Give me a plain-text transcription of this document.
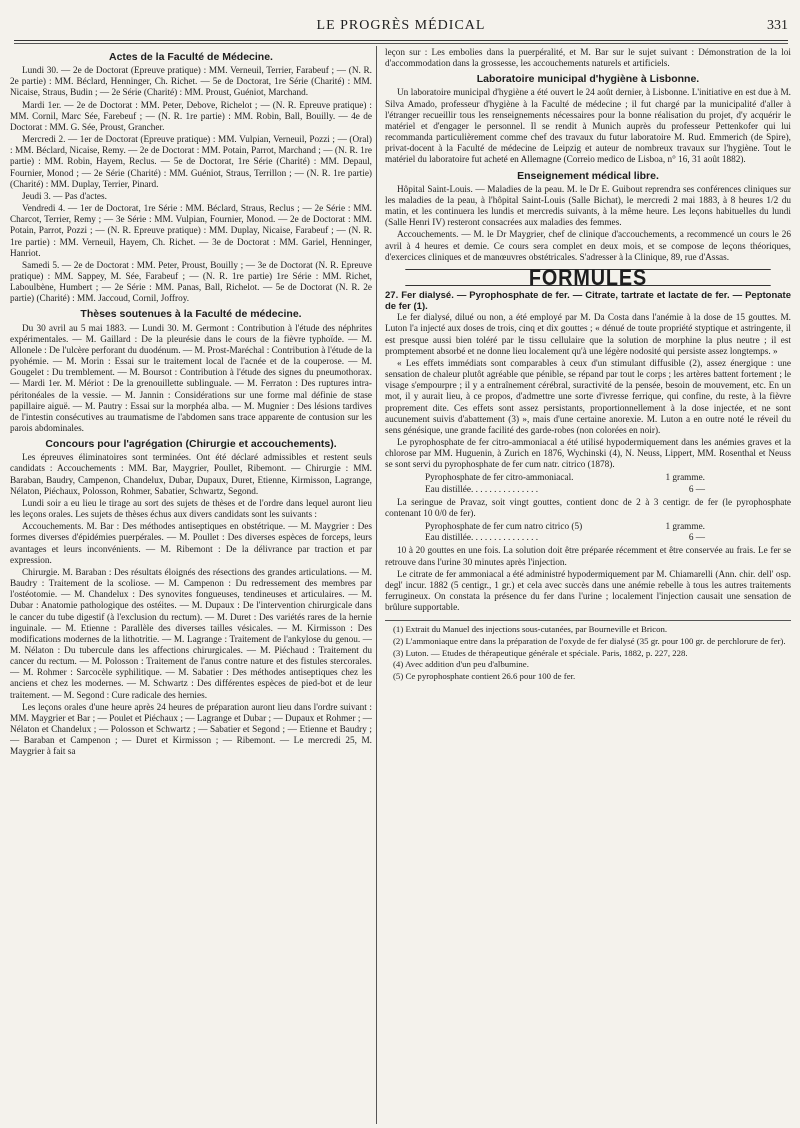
LE PROGRÈS MÉDICAL	331
Actes de la Faculté de Médecine.

Lundi 30. — 2e de Doctorat (Epreuve pratique) : MM. Verneuil, Terrier, Farabeuf ; — (N. R. 2e partie) : MM. Béclard, Henninger, Ch. Richet. — 5e de Doctorat, 1re Série (Charité) : MM. Nicaise, Straus, Budin ; — 2e Série (Charité) : MM. Proust, Guéniot, Marchand.

Mardi 1er. — 2e de Doctorat : MM. Peter, Debove, Richelot ; — (N. R. Epreuve pratique) : MM. Cornil, Marc Sée, Farebeuf ; — (N. R. 1re partie) : MM. Robin, Ball, Bouilly. — 4e de Doctorat : MM. G. Sée, Proust, Grancher.

Mercredi 2. — 1er de Doctorat (Epreuve pratique) : MM. Vulpian, Verneuil, Pozzi ; — (Oral) : MM. Béclard, Nicaise, Remy. — 2e de Doctorat : MM. Potain, Parrot, Marchand ; — (N. R. 1re partie) : MM. Robin, Hayem, Reclus. — 5e de Doctorat, 1re Série (Charité) : MM. Depaul, Fournier, Monod ; — 2e Série (Charité) : MM. Guéniot, Straus, Terrillon ; — (N. R. 1re partie) (Charité) : MM. Duplay, Terrier, Pinard.

Jeudi 3. — Pas d'actes.

Vendredi 4. — 1er de Doctorat, 1re Série : MM. Béclard, Straus, Reclus ; — 2e Série : MM. Charcot, Terrier, Remy ; — 3e Série : MM. Vulpian, Fournier, Monod. — 2e de Doctorat : MM. Potain, Parrot, Pozzi ; — (N. R. Epreuve pratique) : MM. Duplay, Nicaise, Farabeuf ; — (N. R. 1re partie) : MM. Verneuil, Hayem, Ch. Richet. — 3e de Doctorat : MM. Gariel, Henninger, Hanriot.

Samedi 5. — 2e de Doctorat : MM. Peter, Proust, Bouilly ; — 3e de Doctorat (N. R. Epreuve pratique) : MM. Sappey, M. Sée, Farabeuf ; — (N. R. 1re partie) 1re Série : MM. Richet, Laboulbène, Humbert ; — 2e Série : MM. Panas, Ball, Richelot. — 5e de Doctorat (N. R. 2e partie) (Charité) : MM. Jaccoud, Cornil, Joffroy.

Thèses soutenues à la Faculté de médecine.

Du 30 avril au 5 mai 1883. — Lundi 30. M. Germont : Contribution à l'étude des néphrites expérimentales. — M. Gaillard : De la pleurésie dans le cours de la fièvre typhoïde. — M. Allonele : De l'ulcère perforant du duodénum. — M. Prost-Maréchal : Contribution à l'étude de la pyohémie. — M. Morin : Essai sur le traitement local de l'acnée et de la couperose. — M. Gougelet : Du tremblement. — M. Boursot : Contribution à l'étude des signes du pneumothorax. — Mardi 1er. M. Mériot : De la grenouillette sublinguale. — M. Ferraton : Des ruptures intra-péritonéales de la vessie. — M. Jannin : Considérations sur une forme mal définie de stase papillaire aiguë. — M. Pautry : Essai sur la morphéa alba. — M. Mugnier : Des lésions tardives de l'intestin consécutives au traumatisme de l'abdomen sans trace apparente de contusion sur les parois abdominales.

Concours pour l'agrégation (Chirurgie et accouchements).

Les épreuves éliminatoires sont terminées. Ont été déclaré admissibles et restent seuls candidats : Accouchements : MM. Bar, Maygrier, Poullet, Ribemont. — Chirurgie : MM. Baraban, Baudry, Campenon, Chandelux, Dubar, Dupaux, Duret, Etienne, Kirmisson, Lagrange, Nélaton, Piéchaux, Polosson, Rohmer, Sabatier, Schwartz, Segond.

Lundi soir a eu lieu le tirage au sort des sujets de thèses et de l'ordre dans lequel auront lieu les leçons orales. Les sujets de thèses échus aux divers candidats sont les suivants :

Accouchements. M. Bar : Des méthodes antiseptiques en obstétrique. — M. Maygrier : Des formes diverses d'épidémies puerpérales. — M. Poullet : Des diverses espèces de forceps, leurs avantages et leurs inconvénients. — M. Ribemont : De la délivrance par traction et par expression.

Chirurgie. M. Baraban : Des résultats éloignés des résections des grandes articulations. — M. Baudry : Traitement de la scoliose. — M. Campenon : Du redressement des membres par l'ostéotomie. — M. Chandelux : Des synovites fongueuses, tendineuses et articulaires. — M. Dubar : Anatomie pathologique des ostéites. — M. Dupaux : De l'intervention chirurgicale dans le cancer du tube digestif (à l'exclusion du rectum). — M. Duret : Des variétés rares de la hernie inguinale. — M. Etienne : Parallèle des diverses tailles vésicales. — M. Kirmisson : Des modifications modernes de la lithotritie. — M. Lagrange : Traitement de l'ankylose du genou. — M. Nélaton : Du tubercule dans les affections chirurgicales. — M. Piéchaud : Traitement du cancer du rectum. — M. Polosson : Traitement de l'anus contre nature et des fistules stercorales. — M. Rohmer : Sarcocèle syphilitique. — M. Sabatier : Des méthodes antiseptiques chez les anciens et chez les modernes. — M. Schwartz : Des différentes espèces de pied-bot et de leur traitement. — M. Segond : Cure radicale des hernies.

Les leçons orales d'une heure après 24 heures de préparation auront lieu dans l'ordre suivant : MM. Maygrier et Bar ; — Poulet et Piéchaux ; — Lagrange et Dubar ; — Dupaux et Rohmer ; — Nélaton et Chandelux ; — Polosson et Schwartz ; — Sabatier et Segond ; — Etienne et Baudry ; — Baraban et Campenon ; — Duret et Kirmisson ; — Ribemont. — Le mercredi 25, M. Maygrier à fait sa

leçon sur : Les embolies dans la puerpéralité, et M. Bar sur le sujet suivant : Démonstration de la loi d'accommodation dans la grossesse, les accouchements naturels et artificiels.

Laboratoire municipal d'hygiène à Lisbonne.

Un laboratoire municipal d'hygiène a été ouvert le 24 août dernier, à Lisbonne. L'initiative en est due à M. Silva Amado, professeur d'hygiène à la Faculté de médecine ; il fut chargé par la municipalité d'aller à l'étranger recueillir tous les renseignements nécessaires pour la bonne réalisation du projet, d'y acquérir le matériel et d'engager le personnel. Il se rendit à Munich auprès du professeur Pettenkofer qui lui recommanda particulièrement comme chef des travaux du futur laboratoire M. Rud. Emmerich (de Spire), privat-docent à la Faculté de médecine de Leipzig et auteur de nombreux travaux sur l'hygiène. Tout le matériel du laboratoire fut acheté en Allemagne (Correio medico de Lisboa, n° 16, 31 août 1882).

Enseignement médical libre.

Hôpital Saint-Louis. — Maladies de la peau. M. le Dr E. Guibout reprendra ses conférences cliniques sur les maladies de la peau, à l'hôpital Saint-Louis (Salle Bichat), le mercredi 2 mai 1883, à 8 heures 1/2 du matin, et les continuera les lundis et mercredis suivants, à la même heure. Les leçons habituelles du lundi (Salle Henri IV) resteront consacrées aux maladies des femmes.

Accouchements. — M. le Dr Maygrier, chef de clinique d'accouchements, a recommencé un cours le 26 avril à 4 heures et demie. Ce cours sera complet en deux mois, et se compose de leçons théoriques, d'exercices cliniques et de manœuvres obstétricales. S'adresser à la Clinique, 89, rue d'Assas.

FORMULES

27. Fer dialysé. — Pyrophosphate de fer. — Citrate, tartrate et lactate de fer. — Peptonate de fer (1).

Le fer dialysé, dilué ou non, a été employé par M. Da Costa dans l'anémie à la dose de 15 gouttes. M. Luton l'a injecté aux doses de trois, cinq et dix gouttes ; « dénué de toute propriété styptique et astringente, il est presque aussi bien toléré par le tissu cellulaire que la solution de morphine la plus neutre ; il est promptement absorbé et ne donne lieu localement qu'à une légère nodosité qui persiste assez longtemps. »

« Les effets immédiats sont comparables à ceux d'un stimulant diffusible (2), assez énergique : une sensation de chaleur plutôt agréable que pénible, se répand par tout le corps ; les artères battent fortement ; le visage s'empourpre ; il y a entraînement cérébral, suractivité de la pensée, besoin de mouvement, etc. En un mot, il y aurait lieu, à ce propos, d'admettre une sorte d'ivresse ferrique, qui confine, du reste, à la fièvre proprement dite. Ces effets sont assez persistants, proportionnellement à la dose injectée, et ne sont aucunement suivis d'abattement (3) », mais d'une certaine anorexie. M. Luton a en outre noté le réveil du sens génésique, une grande facilité des garde-robes (non colorées en noir).

Le pyrophosphate de fer citro-ammoniacal a été utilisé hypodermiquement dans les anémies graves et la chlorose par MM. Huguenin, à Zurich en 1876, Wychinski (4), N. Neuss, Lippert, MM. Rosenthal et Neuss se sont servi du pyrophosphate de fer cum natr. citrico (1878).

Pyrophosphate de fer citro-ammoniacal.	1 gramme.
Eau distillée. . . . . . . . . . . . . . .	6 —

La seringue de Pravaz, soit vingt gouttes, contient donc de 2 à 3 centigr. de fer (le pyrophosphate contenant 10 0/0 de fer).

Pyrophosphate de fer cum natro citrico (5)	1 gramme.
Eau distillée. . . . . . . . . . . . . . .	6 —

10 à 20 gouttes en une fois. La solution doit être préparée récemment et être conservée au frais. Le fer se retrouve dans l'urine 30 minutes après l'injection.

Le citrate de fer ammoniacal a été administré hypodermiquement par M. Chiamarelli (Ann. chir. dell' osp. degl' incur. 1882 (5 centigr., 1 gr.) et cela avec succès dans une anémie rebelle à tous les autres traitements ferrugineux. On constata la présence du fer dans l'urine ; localement l'injection causait une sensation de brûlure supportable.

(1) Extrait du Manuel des injections sous-cutanées, par Bourneville et Bricon.

(2) L'ammoniaque entre dans la préparation de l'oxyde de fer dialysé (35 gr. pour 100 gr. de perchlorure de fer).

(3) Luton. — Etudes de thérapeutique générale et spéciale. Paris, 1882, p. 227, 228.

(4) Avec addition d'un peu d'albumine.

(5) Ce pyrophosphate contient 26.6 pour 100 de fer.
